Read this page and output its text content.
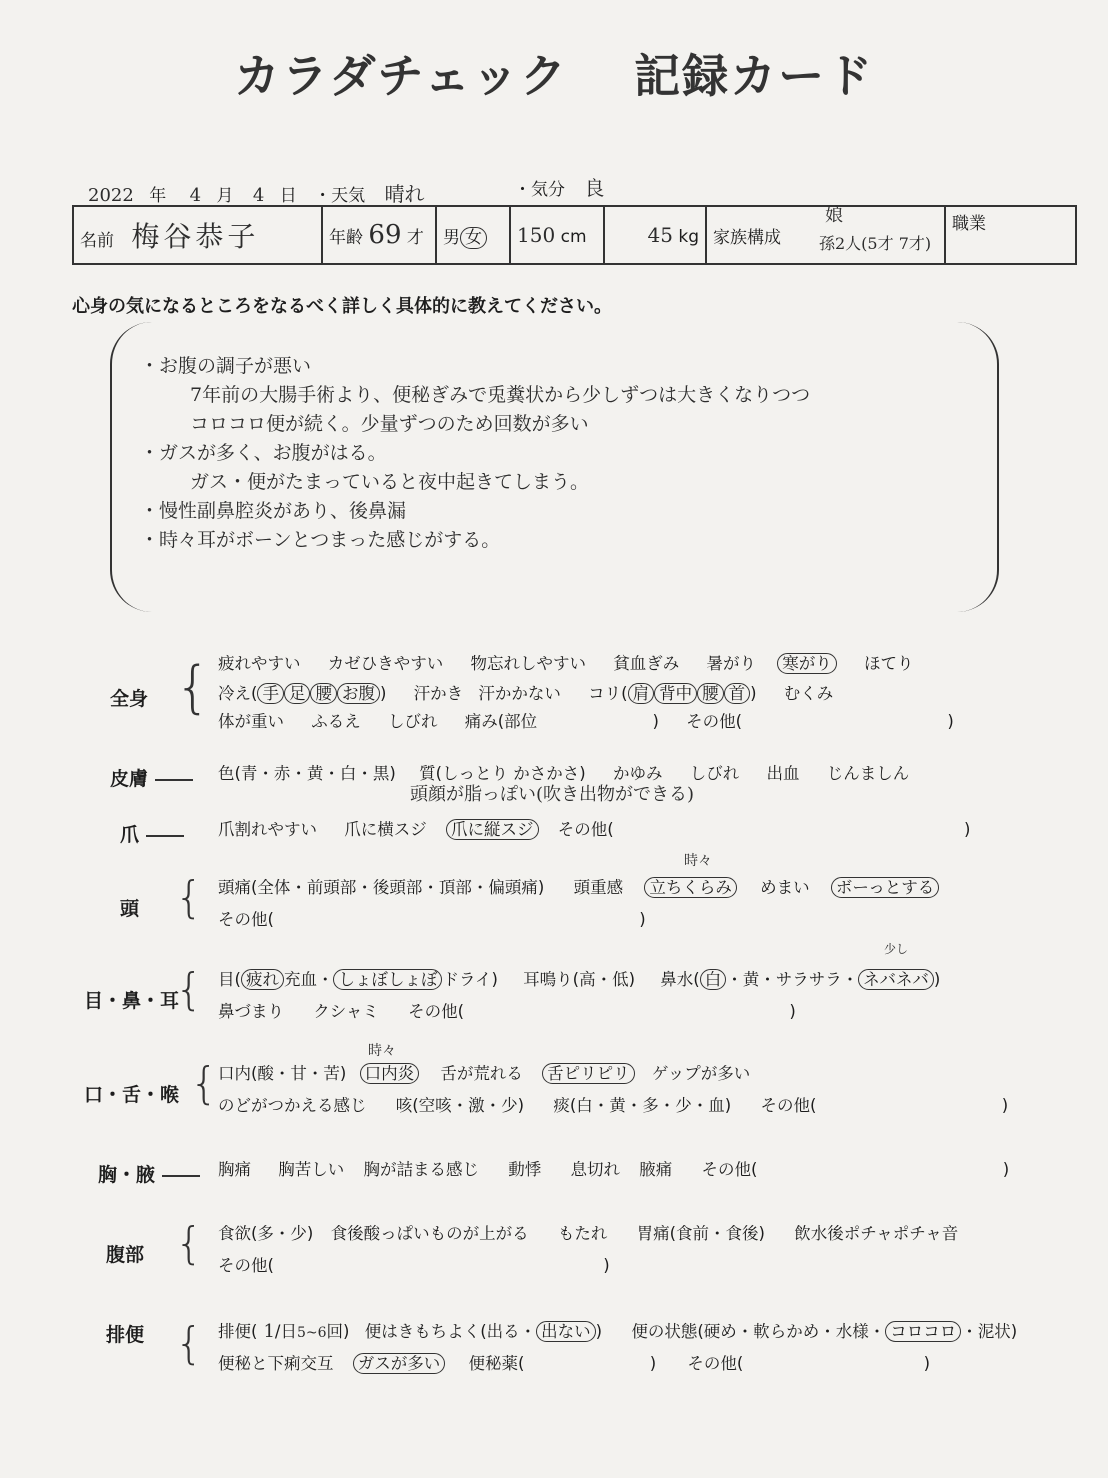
カラダチェック 記録カード
2022 年 4 月 4 日 ・天気 晴れ	・気分 良
名前 梅谷恭子	年齢 69 才	男 女	150 cm	45 kg	家族構成
娘
孫2人(5才 7才)
	職業
心身の気になるところをなるべく詳しく具体的に教えてください。
・お腹の調子が悪い
7年前の大腸手術より、便秘ぎみで兎糞状から少しずつは大きくなりつつ
コロコロ便が続く。少量ずつのため回数が多い
・ガスが多く、お腹がはる。
ガス・便がたまっていると夜中起きてしまう。
・慢性副鼻腔炎があり、後鼻漏
・時々耳がボーンとつまった感じがする。
全身 { 疲れやすい カゼひきやすい 物忘れしやすい 貧血ぎみ 暑がり 寒がり ほてり
冷え( 手 足 腰 お腹 ) 汗かき 汗かかない コリ( 肩 背中 腰 首 ) むくみ
体が重い ふるえ しびれ 痛み(部位	) その他(	)
皮膚	色(青・赤・黄・白・黒) 質(しっとり かさかさ) かゆみ しびれ 出血 じんましん
頭顔が脂っぽい(吹き出物ができる)
爪	爪割れやすい 爪に横スジ 爪に縦スジ その他(	)
頭 {
時々
頭痛(全体・前頭部・後頭部・頂部・偏頭痛) 頭重感 立ちくらみ めまい ボーっとする
その他(	)
目・鼻・耳
{
少し
目( 疲れ 充血・ しょぼしょぼ ドライ) 耳鳴り(高・低) 鼻水( 白 ・黄・サラサラ・ ネバネバ )
鼻づまり クシャミ その他(	)
口・舌・喉 {
時々
口内(酸・甘・苦) 口内炎 舌が荒れる 舌ピリピリ ゲップが多い
のどがつかえる感じ 咳(空咳・激・少) 痰(白・黄・多・少・血) その他(	)
胸・腋	胸痛 胸苦しい 胸が詰まる感じ 動悸 息切れ 腋痛 その他(	)
腹部 { 食欲(多・少) 食後酸っぱいものが上がる もたれ 胃痛(食前・食後) 飲水後ポチャポチャ音
その他(	)
排便 { 排便( 1/日5~6回) 便はきもちよく(出る・ 出ない ) 便の状態(硬め・軟らかめ・水様・ コロコロ ・泥状)
便秘と下痢交互 ガスが多い 便秘薬(	) その他(	)
